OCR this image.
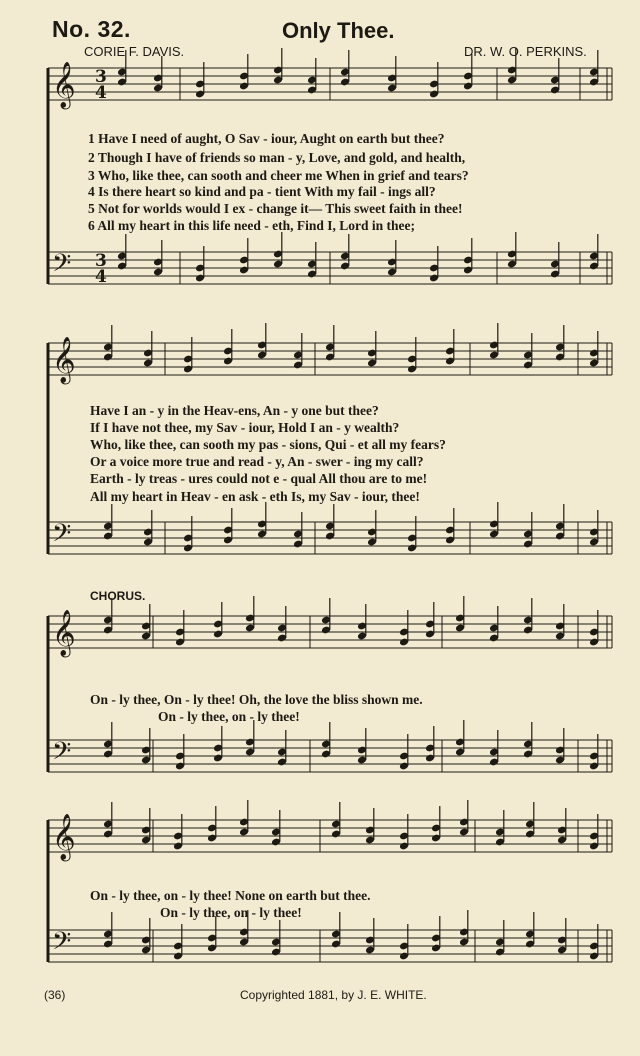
𝄞
𝄢
3
3
4
4
𝄞
𝄢
𝄞
𝄢
𝄞
𝄢
No. 32.	Only Thee.
CORIE F. DAVIS.	DR. W. O. PERKINS.
1 Have I need of aught, O Sav - iour, Aught on earth but thee?
2 Though I have of friends so man - y, Love, and gold, and health,
3 Who, like thee, can sooth and cheer me When in grief and tears?
4 Is there heart so kind and pa - tient With my fail - ings all?
5 Not for worlds would I ex - change it— This sweet faith in thee!
6 All my heart in this life need - eth, Find I, Lord in thee;
Have I an - y in the Heav-ens, An - y one but thee?
If I have not thee, my Sav - iour, Hold I an - y wealth?
Who, like thee, can sooth my pas - sions, Qui - et all my fears?
Or a voice more true and read - y, An - swer - ing my call?
Earth - ly treas - ures could not e - qual All thou are to me!
All my heart in Heav - en ask - eth Is, my Sav - iour, thee!
CHORUS.
On - ly thee, On - ly thee! Oh, the love the bliss shown me.
On - ly thee, on - ly thee!
On - ly thee, on - ly thee! None on earth but thee.
On - ly thee, on - ly thee!
(36)	Copyrighted 1881, by J. E. WHITE.
